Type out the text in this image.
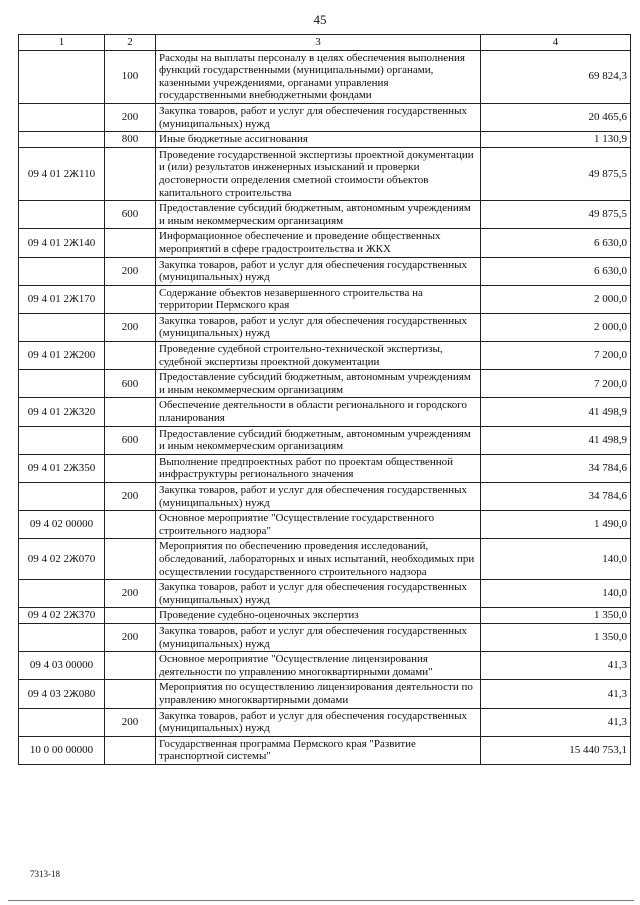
45
1	2	3	4
	100	Расходы на выплаты персоналу в целях обеспечения выполнения функций государственными (муниципальными) органами, казенными учреждениями, органами управления государственными внебюджетными фондами	69 824,3
	200	Закупка товаров, работ и услуг для обеспечения государственных (муниципальных) нужд	20 465,6
	800	Иные бюджетные ассигнования	1 130,9
09 4 01 2Ж110		Проведение государственной экспертизы проектной документации и (или) результатов инженерных изысканий и проверки достоверности определения сметной стоимости объектов капитального строительства	49 875,5
	600	Предоставление субсидий бюджетным, автономным учреждениям и иным некоммерческим организациям	49 875,5
09 4 01 2Ж140		Информационное обеспечение и проведение общественных мероприятий в сфере градостроительства и ЖКХ	6 630,0
	200	Закупка товаров, работ и услуг для обеспечения государственных (муниципальных) нужд	6 630,0
09 4 01 2Ж170		Содержание объектов незавершенного строительства на территории Пермского края	2 000,0
	200	Закупка товаров, работ и услуг для обеспечения государственных (муниципальных) нужд	2 000,0
09 4 01 2Ж200		Проведение судебной строительно-технической экспертизы, судебной экспертизы проектной документации	7 200,0
	600	Предоставление субсидий бюджетным, автономным учреждениям и иным некоммерческим организациям	7 200,0
09 4 01 2Ж320		Обеспечение деятельности в области регионального и городского планирования	41 498,9
	600	Предоставление субсидий бюджетным, автономным учреждениям и иным некоммерческим организациям	41 498,9
09 4 01 2Ж350		Выполнение предпроектных работ по проектам общественной инфраструктуры регионального значения	34 784,6
	200	Закупка товаров, работ и услуг для обеспечения государственных (муниципальных) нужд	34 784,6
09 4 02 00000		Основное мероприятие "Осуществление государственного строительного надзора"	1 490,0
09 4 02 2Ж070		Мероприятия по обеспечению проведения исследований, обследований, лабораторных и иных испытаний, необходимых при осуществлении государственного строительного надзора	140,0
	200	Закупка товаров, работ и услуг для обеспечения государственных (муниципальных) нужд	140,0
09 4 02 2Ж370		Проведение судебно-оценочных экспертиз	1 350,0
	200	Закупка товаров, работ и услуг для обеспечения государственных (муниципальных) нужд	1 350,0
09 4 03 00000		Основное мероприятие "Осуществление лицензирования деятельности по управлению многоквартирными домами"	41,3
09 4 03 2Ж080		Мероприятия по осуществлению лицензирования деятельности по управлению многоквартирными домами	41,3
	200	Закупка товаров, работ и услуг для обеспечения государственных (муниципальных) нужд	41,3
10 0 00 00000		Государственная программа Пермского края "Развитие транспортной системы"	15 440 753,1
7313-18
